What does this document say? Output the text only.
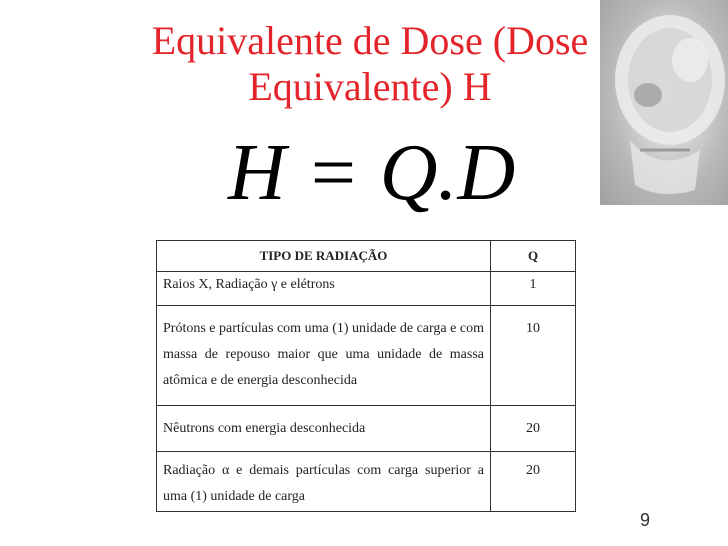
Equivalente de Dose (Dose Equivalente) H
H = Q.D
TIPO DE RADIAÇÃO	Q

Raios X, Radiação γ e elétrons	1

Prótons e partículas com uma (1) unidade de carga e com massa de repouso maior que uma unidade de massa atômica e de energia desconhecida	10

Nêutrons com energia desconhecida	20

Radiação α e demais partículas com carga superior a uma (1) unidade de carga	20

9
